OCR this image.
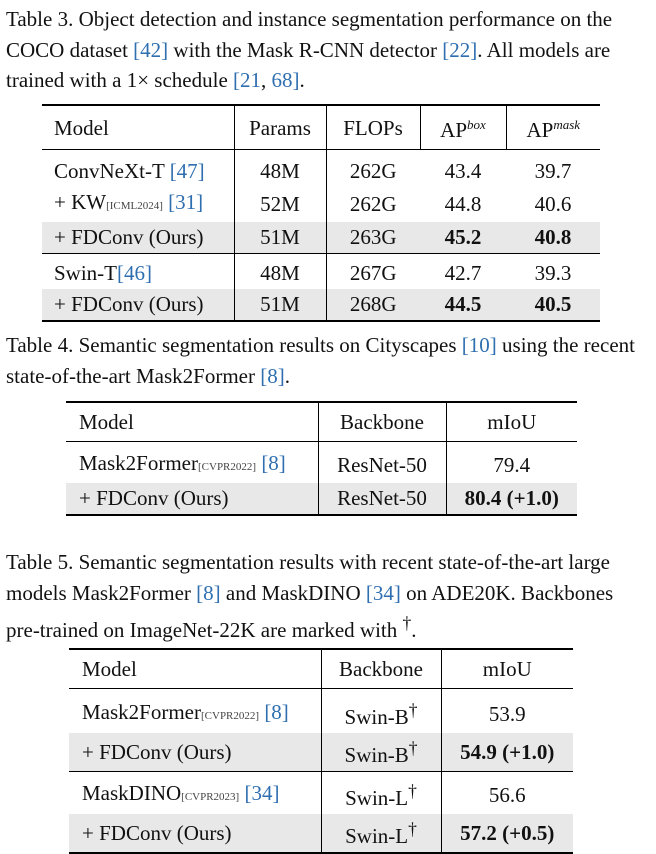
Table 3. Object detection and instance segmentation performance on the COCO dataset [42] with the Mask R-CNN detector [22]. All models are trained with a 1× schedule [21, 68].

Model	Params	FLOPs	$AP^{box}$	$AP^{mask}$
ConvNeXt-T [47]	48M	262G	43.4	39.7
+ KW[ICML2024] [31]	52M	262G	44.8	40.6
+ FDConv (Ours)	51M	263G	45.2	40.8
Swin-T[46]	48M	267G	42.7	39.3
+ FDConv (Ours)	51M	268G	44.5	40.5

Table 4. Semantic segmentation results on Cityscapes [10] using the recent state-of-the-art Mask2Former [8].

Model	Backbone	mIoU
Mask2Former[CVPR2022] [8]	ResNet-50	79.4
+ FDConv (Ours)	ResNet-50	80.4 (+1.0)

Table 5. Semantic segmentation results with recent state-of-the-art large models Mask2Former [8] and MaskDINO [34] on ADE20K. Backbones pre-trained on ImageNet-22K are marked with †.

Model	Backbone	mIoU
Mask2Former[CVPR2022] [8]	Swin-B†	53.9
+ FDConv (Ours)	Swin-B†	54.9 (+1.0)
MaskDINO[CVPR2023] [34]	Swin-L†	56.6
+ FDConv (Ours)	Swin-L†	57.2 (+0.5)
